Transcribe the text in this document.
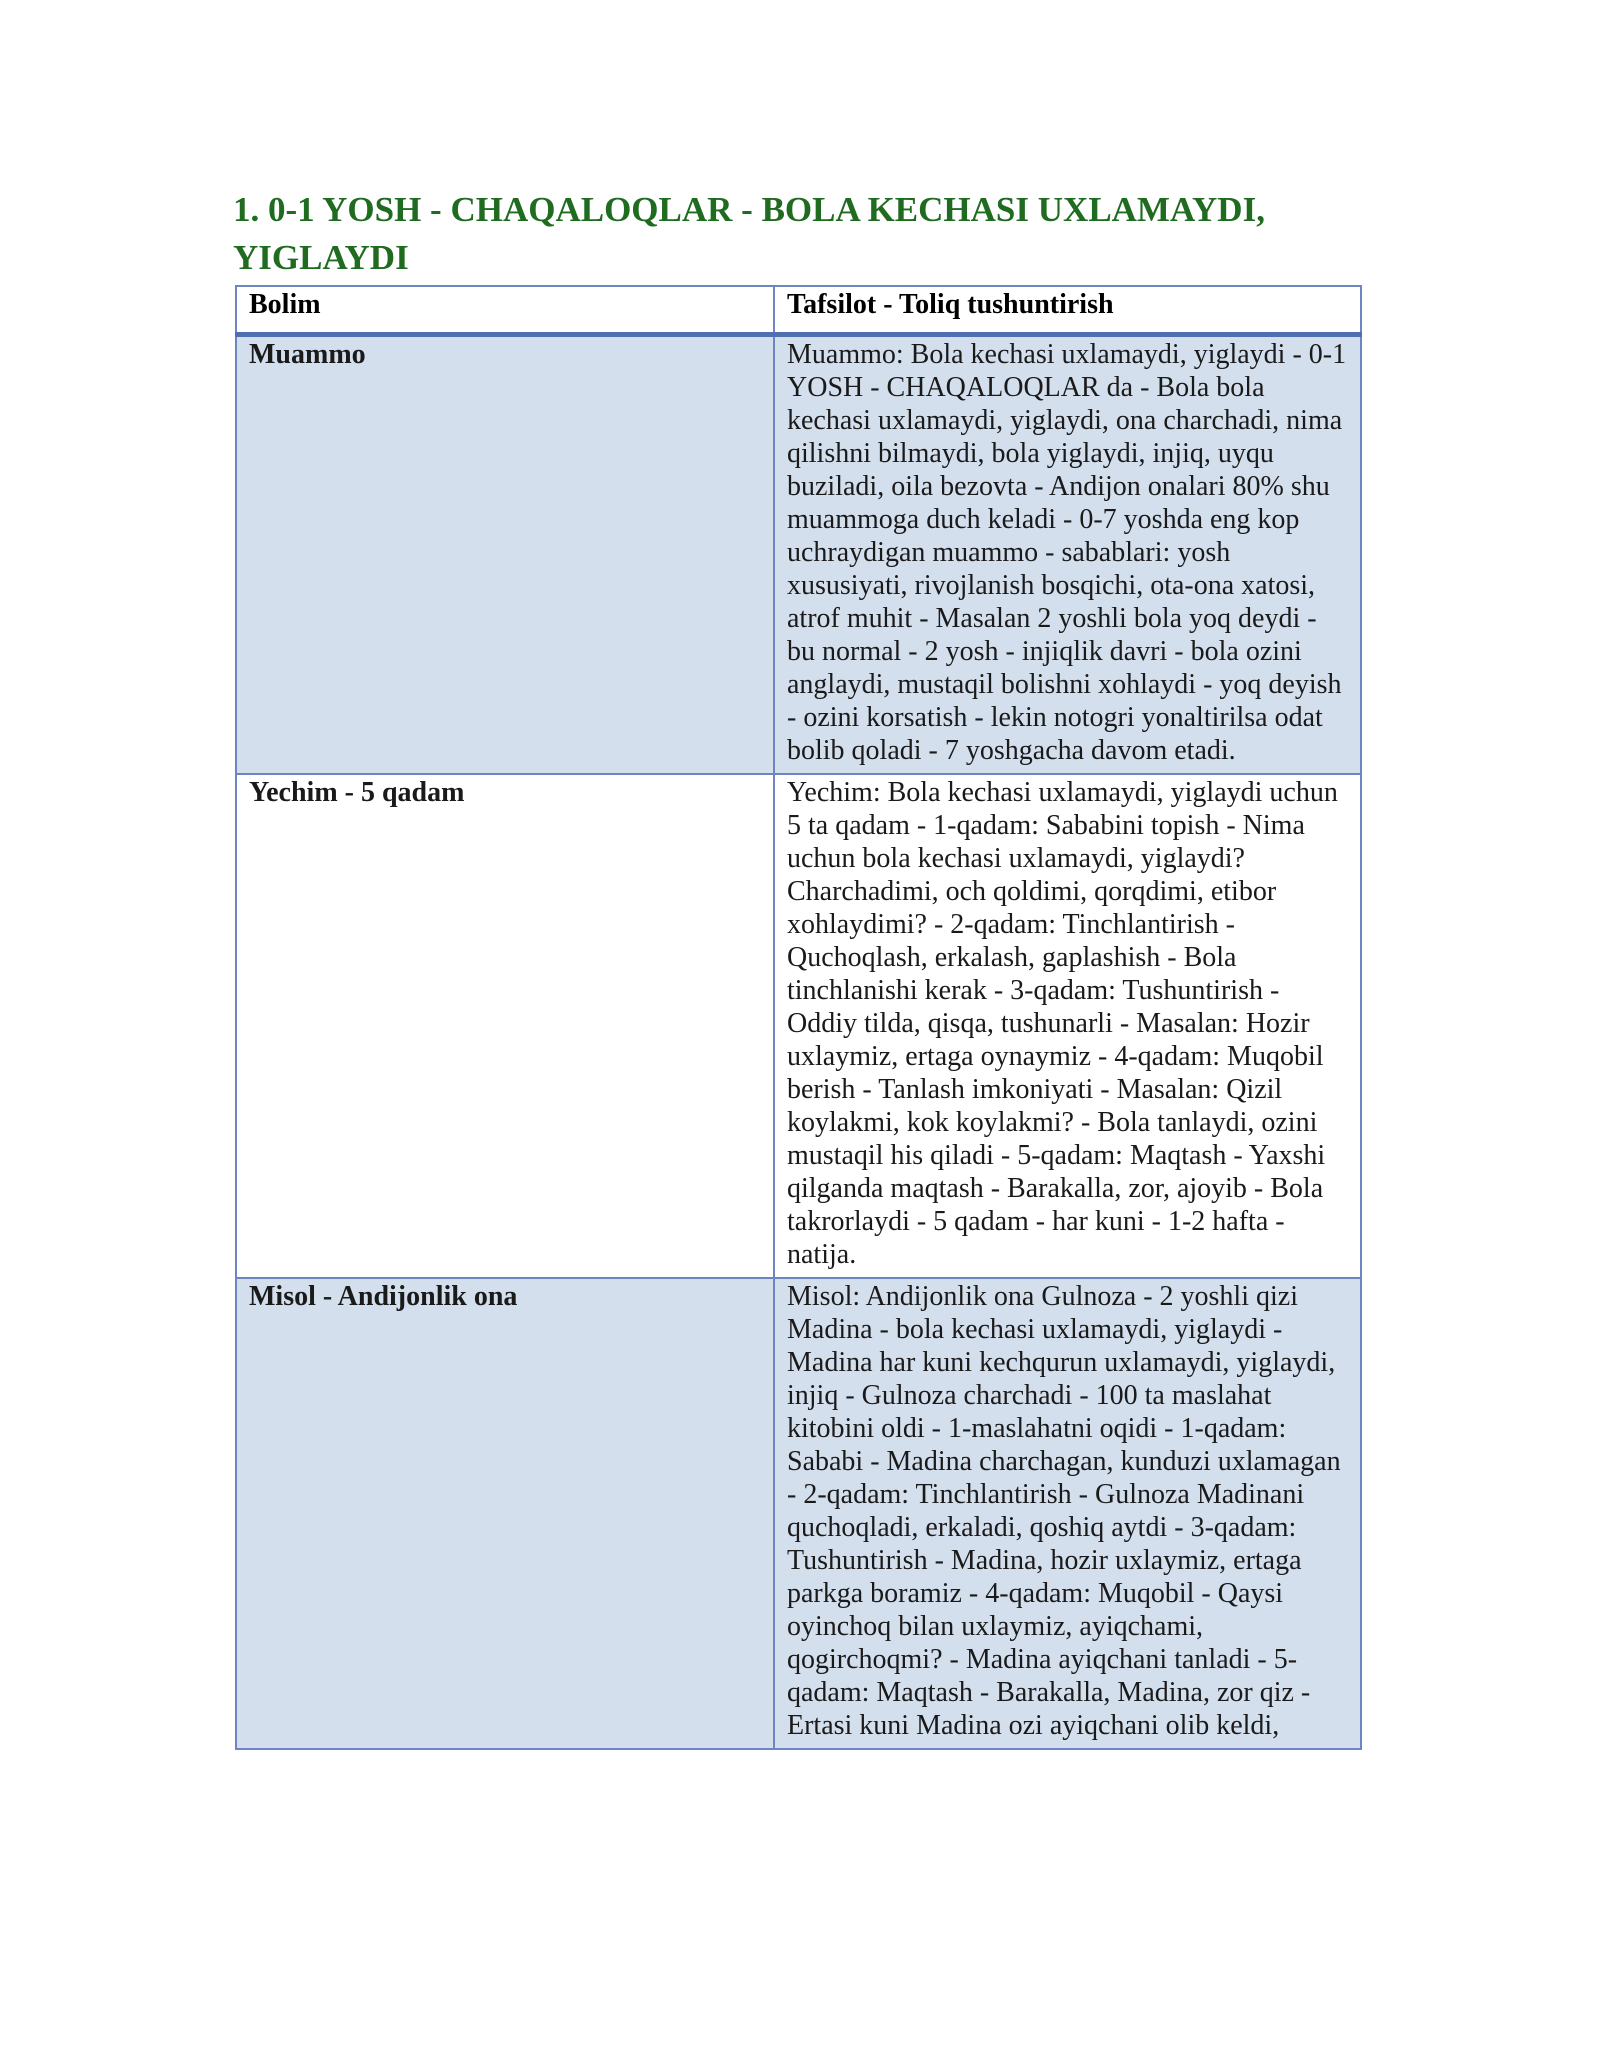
1. 0-1 YOSH - CHAQALOQLAR - BOLA KECHASI UXLAMAYDI, YIGLAYDI
Bolim	Tafsilot - Toliq tushuntirish
Muammo	Muammo: Bola kechasi uxlamaydi, yiglaydi - 0-1 YOSH - CHAQALOQLAR da - Bola bola kechasi uxlamaydi, yiglaydi, ona charchadi, nima qilishni bilmaydi, bola yiglaydi, injiq, uyqu buziladi, oila bezovta - Andijon onalari 80% shu muammoga duch keladi - 0-7 yoshda eng kop uchraydigan muammo - sabablari: yosh xususiyati, rivojlanish bosqichi, ota-ona xatosi, atrof muhit - Masalan 2 yoshli bola yoq deydi - bu normal - 2 yosh - injiqlik davri - bola ozini anglaydi, mustaqil bolishni xohlaydi - yoq deyish - ozini korsatish - lekin notogri yonaltirilsa odat bolib qoladi - 7 yoshgacha davom etadi.
Yechim - 5 qadam	Yechim: Bola kechasi uxlamaydi, yiglaydi uchun 5 ta qadam - 1-qadam: Sababini topish - Nima uchun bola kechasi uxlamaydi, yiglaydi? Charchadimi, och qoldimi, qorqdimi, etibor xohlaydimi? - 2-qadam: Tinchlantirish - Quchoqlash, erkalash, gaplashish - Bola tinchlanishi kerak - 3-qadam: Tushuntirish - Oddiy tilda, qisqa, tushunarli - Masalan: Hozir uxlaymiz, ertaga oynaymiz - 4-qadam: Muqobil berish - Tanlash imkoniyati - Masalan: Qizil koylakmi, kok koylakmi? - Bola tanlaydi, ozini mustaqil his qiladi - 5-qadam: Maqtash - Yaxshi qilganda maqtash - Barakalla, zor, ajoyib - Bola takrorlaydi - 5 qadam - har kuni - 1-2 hafta - natija.
Misol - Andijonlik ona	Misol: Andijonlik ona Gulnoza - 2 yoshli qizi Madina - bola kechasi uxlamaydi, yiglaydi - Madina har kuni kechqurun uxlamaydi, yiglaydi, injiq - Gulnoza charchadi - 100 ta maslahat kitobini oldi - 1-maslahatni oqidi - 1-qadam: Sababi - Madina charchagan, kunduzi uxlamagan - 2-qadam: Tinchlantirish - Gulnoza Madinani quchoqladi, erkaladi, qoshiq aytdi - 3-qadam: Tushuntirish - Madina, hozir uxlaymiz, ertaga parkga boramiz - 4-qadam: Muqobil - Qaysi oyinchoq bilan uxlaymiz, ayiqchami, qogirchoqmi? - Madina ayiqchani tanladi - 5-qadam: Maqtash - Barakalla, Madina, zor qiz - Ertasi kuni Madina ozi ayiqchani olib keldi,
